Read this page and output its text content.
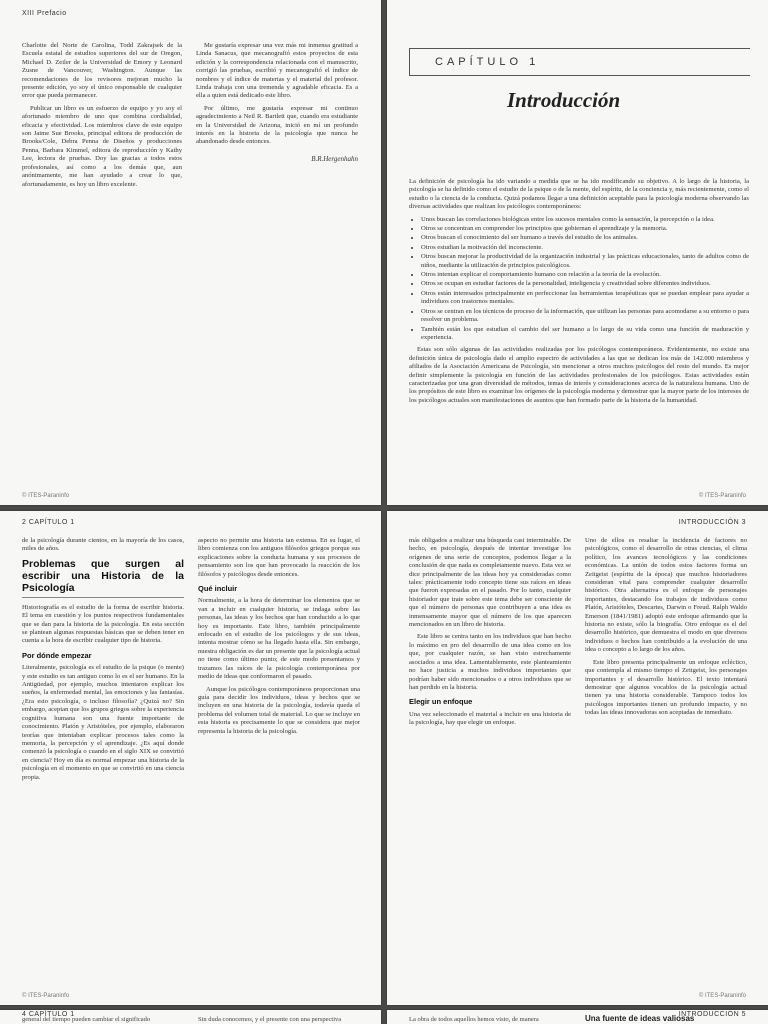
XIII Prefacio

Charlotte del Norte de Carolina, Todd Zakrajsek de la Escuela estatal de estudios superiores del sur de Oregon, Michael D. Zeiler de la Universidad de Emory y Leonard Zusne de Vancouver, Washington. Aunque las recomendaciones de los revisores mejoran mucho la presente edición, yo soy el único responsable de cualquier error que pueda permanecer.

Publicar un libro es un esfuerzo de equipo y yo soy el afortunado miembro de uno que combina cordialidad, eficacia y efectividad. Los miembros clave de este equipo son Jaime Sue Brooks, principal editora de producción de Brooks/Cole, Debra Penna de Diseños y producciones Penna, Barbara Kimmel, editora de reproducción y Kathy Lee, lectora de pruebas. Doy las gracias a todos estos profesionales, así como a los demás que, aun anónimamente, me han ayudado a crear lo que, afortunadamente, es hoy un libro excelente.

Me gustaría expresar una vez más mi inmensa gratitud a Linda Sanacus, que mecanografió estos proyectos de esta edición y la correspondencia relacionada con el manuscrito, corrigió las pruebas, escribió y mecanografió el índice de nombres y el índice de materias y el material del profesor. Linda trabaja con una tremenda y agradable eficacia. Es a ella a quien está dedicado este libro.

Por último, me gustaría expresar mi continuo agradecimiento a Neil R. Bartlett que, cuando era estudiante en la Universidad de Arizona, inició en mí un profundo interés en la historia de la psicología que nunca he abandonado desde entonces.

B.R.Hergenhahn
© ITES-Paraninfo
CAPÍTULO 1
Introducción

La definición de psicología ha ido variando a medida que se ha ido modificando su objetivo. A lo largo de la historia, la psicología se ha definido como el estudio de la psique o de la mente, del espíritu, de la conciencia y, más recientemente, como el estudio o la ciencia de la conducta. Quizá podamos llegar a una definición aceptable para la psicología moderna observando las diversas actividades que realizan los psicólogos contemporáneos:

• Unos buscan las correlaciones biológicas entre los sucesos mentales como la sensación, la percepción o la idea.
• Otros se concentran en comprender los principios que gobiernan el aprendizaje y la memoria.
• Otros buscan el conocimiento del ser humano a través del estudio de los animales.
• Otros estudian la motivación del inconsciente.
• Otros buscan mejorar la productividad de la organización industrial y las prácticas educacionales, tanto de adultos como de niños, mediante la utilización de principios psicológicos.
• Otros intentan explicar el comportamiento humano con relación a la teoría de la evolución.
• Otros se ocupan en estudiar factores de la personalidad, inteligencia y creatividad sobre diferentes individuos.
• Otros están interesados principalmente en perfeccionar las herramientas terapéuticas que se puedan emplear para ayudar a individuos con trastornos mentales.
• Otros se centran en los técnicos de proceso de la información, que utilizan las personas para acomodarse a su entorno o para resolver un problema.
• También están los que estudian el cambio del ser humano a lo largo de su vida como una función de maduración y experiencia.

Estas son sólo algunas de las actividades realizadas por los psicólogos contemporáneos. Evidentemente, no existe una definición única de psicología dado el amplio espectro de actividades a las que se dedican los más de 142.000 miembros y afiliados de la Asociación Americana de Psicología, sin mencionar a otros muchos psicólogos del resto del mundo. Es mejor definir simplemente la psicología en función de las actividades profesionales de los psicólogos. Estas actividades están caracterizadas por una gran diversidad de métodos, temas de interés y consideraciones acerca de la naturaleza humana. Uno de los propósitos de este libro es examinar los orígenes de la psicología moderna y demostrar que la mayor parte de los intereses de los psicólogos actuales son manifestaciones de asuntos que han formado parte de la historia de la humanidad.

© ITES-Paraninfo
2 CAPÍTULO 1

de la psicología durante cientos, en la mayoría de los casos, miles de años.

Problemas que surgen al escribir una Historia de la Psicología

Historiografía es el estudio de la forma de escribir historia. El tema en cuestión y los puntos respectivos fundamentales que se dan para la historia de la psicología. En esta sección se plantean algunas respuestas básicas que se deben tener en cuenta a la hora de escribir cualquier tipo de historia.

Por dónde empezar

Literalmente, psicología es el estudio de la psique (o mente) y este estudio es tan antiguo como lo es el ser humano. En la Antigüedad, por ejemplo, muchos intentaron explicar los sueños, la enfermedad mental, las emociones y las fantasías. ¿Era esto psicología, o incluso filosofía? ¿Quizá no? Sin embargo, aceptan que los grupos griegos sobre la experiencia cognitiva humana son una fuente importante de conocimiento. Platón y Aristóteles, por ejemplo, elaboraron teorías que intentaban explicar procesos tales como la memoria, la percepción y el aprendizaje. ¿Es aquí donde comenzó la psicología o cuando en el siglo XIX se convirtió en ciencia? Hoy en día es normal empezar una historia de la psicología en el momento en que se convirtió en una ciencia propia.

aspecto no permite una historia tan extensa. En su lugar, el libro comienza con los antiguos filósofos griegos porque sus explicaciones sobre la conducta humana y sus procesos de pensamiento son los que han provocado la reacción de los filósofos y psicólogos desde entonces.

Qué incluir

Normalmente, a la hora de determinar los elementos que se van a incluir en cualquier historia, se indaga sobre las personas, las ideas y los hechos que han conducido a lo que hoy es importante. Este libro, también principalmente enfocado en el estudio de los psicólogos y de sus ideas, intenta mostrar cómo se ha llegado hasta ella. Sin embargo, nuestra obligación es dar un presente que la psicología actual no tiene como último punto; de este modo presentamos y trazamos las raíces de la psicología contemporánea por medio de ideas que conformaron el pasado.

Aunque los psicólogos contemporáneos proporcionan una guía para decidir los individuos, ideas y hechos que se incluyen en una historia de la psicología, todavía queda el problema del volumen total de material. Lo que se incluye en esta historia es precisamente lo que se considera que mejor representa la historia de la psicología.

© ITES-Paraninfo
INTRODUCCIÓN 3

más obligados a realizar una búsqueda casi interminable. De hecho, en psicología, después de intentar investigar los orígenes de una serie de conceptos, podemos llegar a la conclusión de que nada es completamente nuevo. Esta vez se dice principalmente de las ideas hoy ya consideradas como tales: prácticamente todo concepto tiene sus raíces en ideas que fueron expresadas en el pasado. Por lo tanto, cualquier historiador que trate sobre este tema debe ser consciente de que el número de personas que contribuyen a una idea es inmensamente mayor que el número de los que aparecen mencionados en un libro de historia.

Este libro se centra tanto en los individuos que han hecho lo máximo en pro del desarrollo de una idea como en los que, por cualquier razón, se han visto estrechamente asociados a una idea. Lamentablemente, este planteamiento no hace justicia a muchos individuos importantes que podrían haber sido mencionados o a otros individuos que se han perdido en la historia.

Elegir un enfoque

Una vez seleccionado el material a incluir en una historia de la psicología, hay que elegir un enfoque.

Uno de ellos es resaltar la incidencia de factores no psicológicos, como el desarrollo de otras ciencias, el clima político, los avances tecnológicos y las condiciones económicas. La unión de todos estos factores forma un Zeitgeist (espíritu de la época) que muchos historiadores consideran vital para comprender cualquier desarrollo histórico. Otra alternativa es el enfoque de personajes importantes, destacando los trabajos de individuos como Platón, Aristóteles, Descartes, Darwin o Freud. Ralph Waldo Emerson (1841/1981) adoptó este enfoque afirmando que la historia no existe, sólo la biografía. Otro enfoque es el del desarrollo histórico, que demuestra el modo en que diversos individuos o hechos han contribuido a la evolución de una idea o concepto a lo largo de los años.

Este libro presenta principalmente un enfoque ecléctico, que contempla al mismo tiempo el Zeitgeist, los personajes importantes y el desarrollo histórico. El texto intentará demostrar que algunos vocablos de la psicología actual tienen ya una historia considerable. Tampoco todos los psicólogos importantes tienen un profundo impacto, y no todas las ideas innovadoras son aceptadas de inmediato.

© ITES-Paraninfo
4 CAPÍTULO 1
general del tiempo pueden cambiar el significado	Sin duda conocemos, y el presente con una perspectiva
INTRODUCCIÓN 5
La obra de todos aquellos hemos visto, de manera	Una fuente de ideas valiosas
